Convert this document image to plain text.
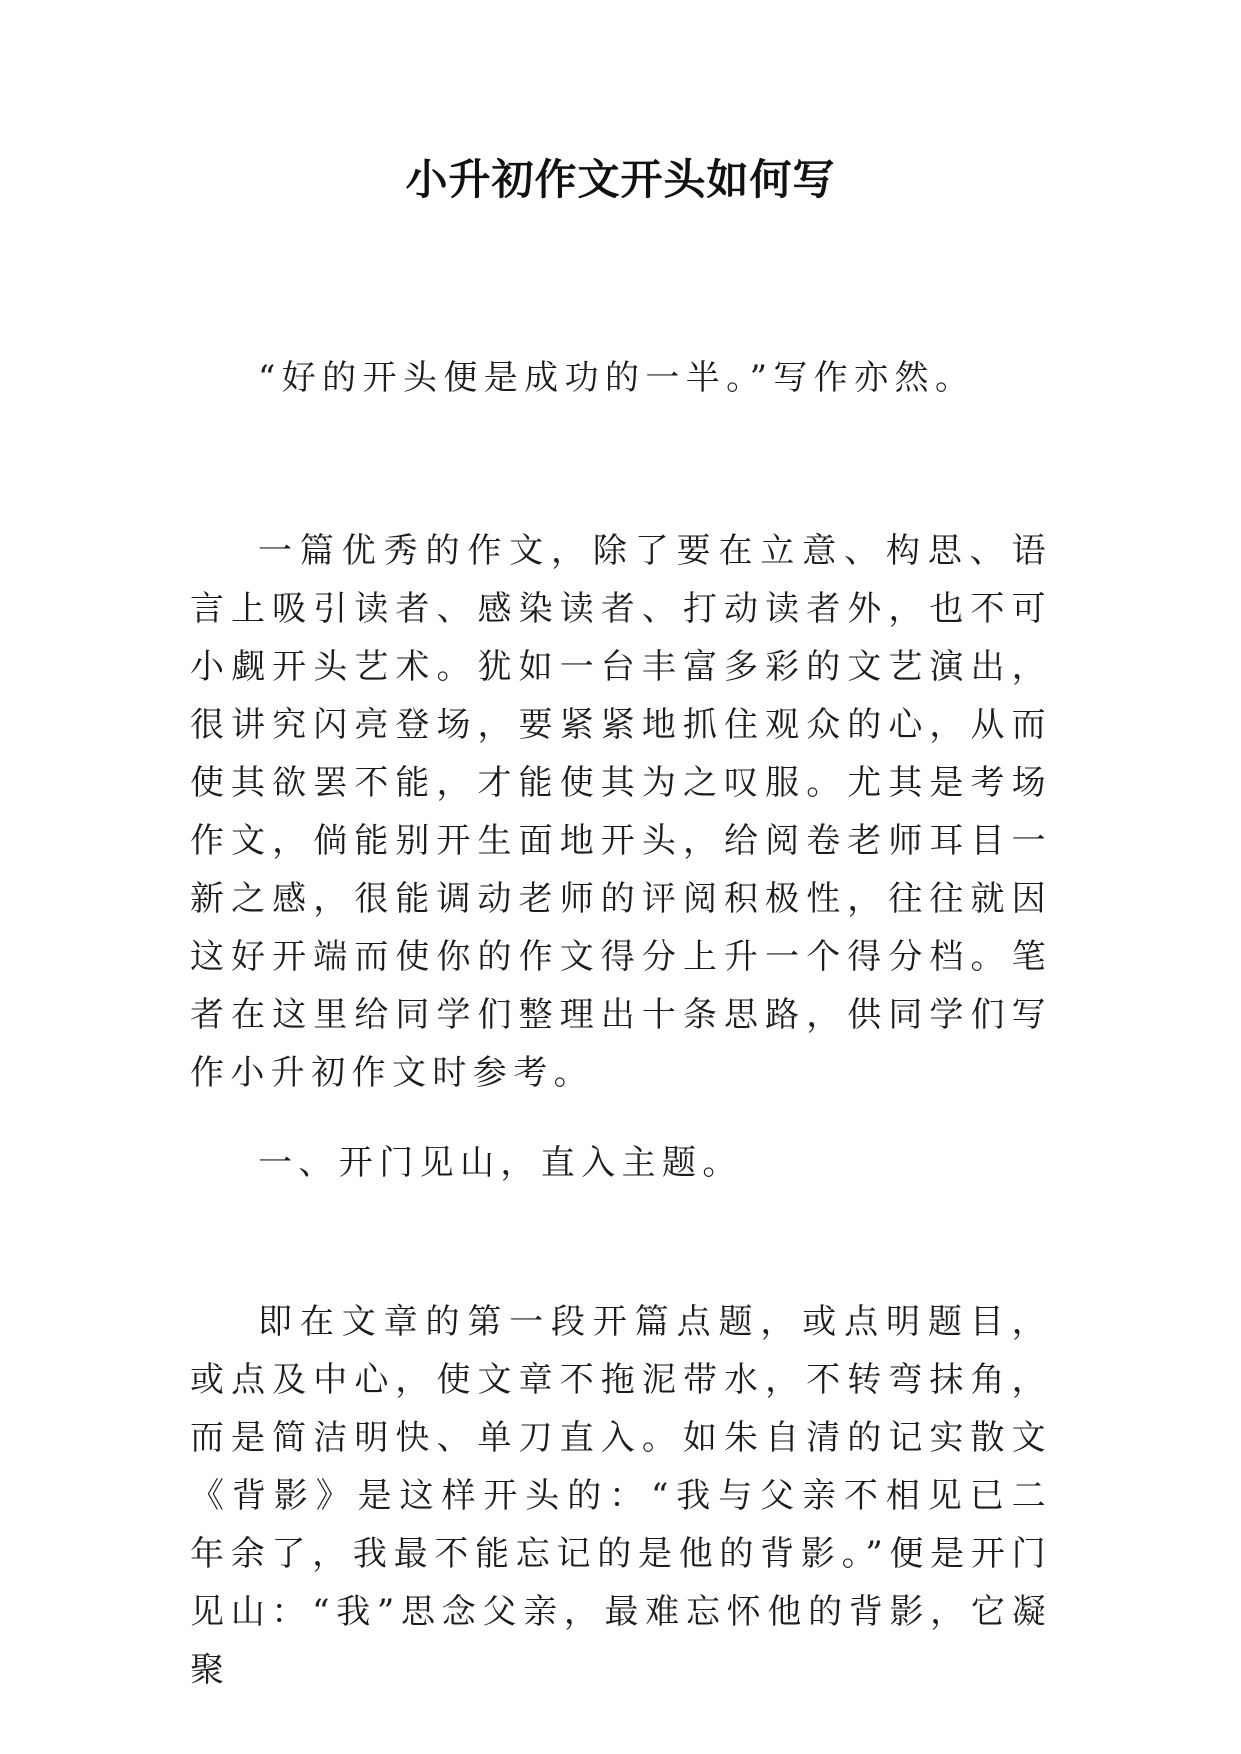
小升初作文开头如何写

“好的开头便是成功的一半。”写作亦然。

一篇优秀的作文，除了要在立意、构思、语言上吸引读者、感染读者、打动读者外，也不可小觑开头艺术。犹如一台丰富多彩的文艺演出，很讲究闪亮登场，要紧紧地抓住观众的心，从而使其欲罢不能，才能使其为之叹服。尤其是考场作文，倘能别开生面地开头，给阅卷老师耳目一新之感，很能调动老师的评阅积极性，往往就因这好开端而使你的作文得分上升一个得分档。笔者在这里给同学们整理出十条思路，供同学们写作小升初作文时参考。

一、开门见山，直入主题。

即在文章的第一段开篇点题，或点明题目，或点及中心，使文章不拖泥带水，不转弯抹角，而是简洁明快、单刀直入。如朱自清的记实散文《背影》是这样开头的：“我与父亲不相见已二年余了，我最不能忘记的是他的背影。”便是开门见山：“我”思念父亲，最难忘怀他的背影，它凝聚
